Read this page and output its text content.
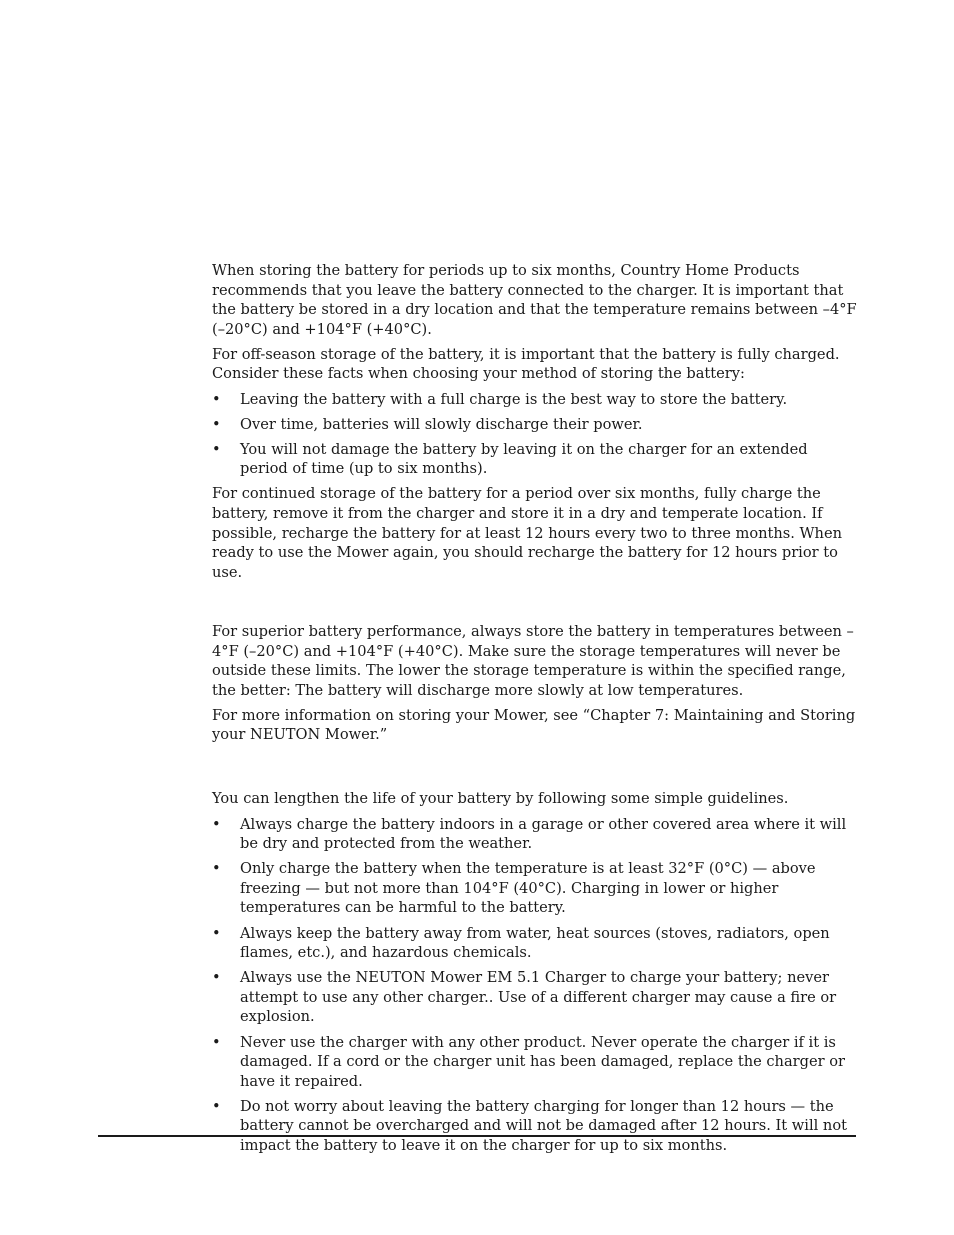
When storing the battery for periods up to six months, Country Home Products recommends that you leave the battery connected to the charger. It is important that the battery be stored in a dry location and that the temperature remains between –4°F (–20°C) and +104°F (+40°C).

For off-season storage of the battery, it is important that the battery is fully charged. Consider these facts when choosing your method of storing the battery:

• Leaving the battery with a full charge is the best way to store the battery.
• Over time, batteries will slowly discharge their power.
• You will not damage the battery by leaving it on the charger for an extended period of time (up to six months).

For continued storage of the battery for a period over six months, fully charge the battery, remove it from the charger and store it in a dry and temperate location. If possible, recharge the battery for at least 12 hours every two to three months. When ready to use the Mower again, you should recharge the battery for 12 hours prior to use.

For superior battery performance, always store the battery in temperatures between –4°F (–20°C) and +104°F (+40°C). Make sure the storage temperatures will never be outside these limits. The lower the storage temperature is within the specified range, the better: The battery will discharge more slowly at low temperatures.

For more information on storing your Mower, see “Chapter 7: Maintaining and Storing your NEUTON Mower.”

You can lengthen the life of your battery by following some simple guidelines.

• Always charge the battery indoors in a garage or other covered area where it will be dry and protected from the weather.
• Only charge the battery when the temperature is at least 32°F (0°C) — above freezing — but not more than 104°F (40°C). Charging in lower or higher temperatures can be harmful to the battery.
• Always keep the battery away from water, heat sources (stoves, radiators, open flames, etc.), and hazardous chemicals.
• Always use the NEUTON Mower EM 5.1 Charger to charge your battery; never attempt to use any other charger.. Use of a different charger may cause a fire or explosion.
• Never use the charger with any other product. Never operate the charger if it is damaged. If a cord or the charger unit has been damaged, replace the charger or have it repaired.
• Do not worry about leaving the battery charging for longer than 12 hours — the battery cannot be overcharged and will not be damaged after 12 hours. It will not impact the battery to leave it on the charger for up to six months.
